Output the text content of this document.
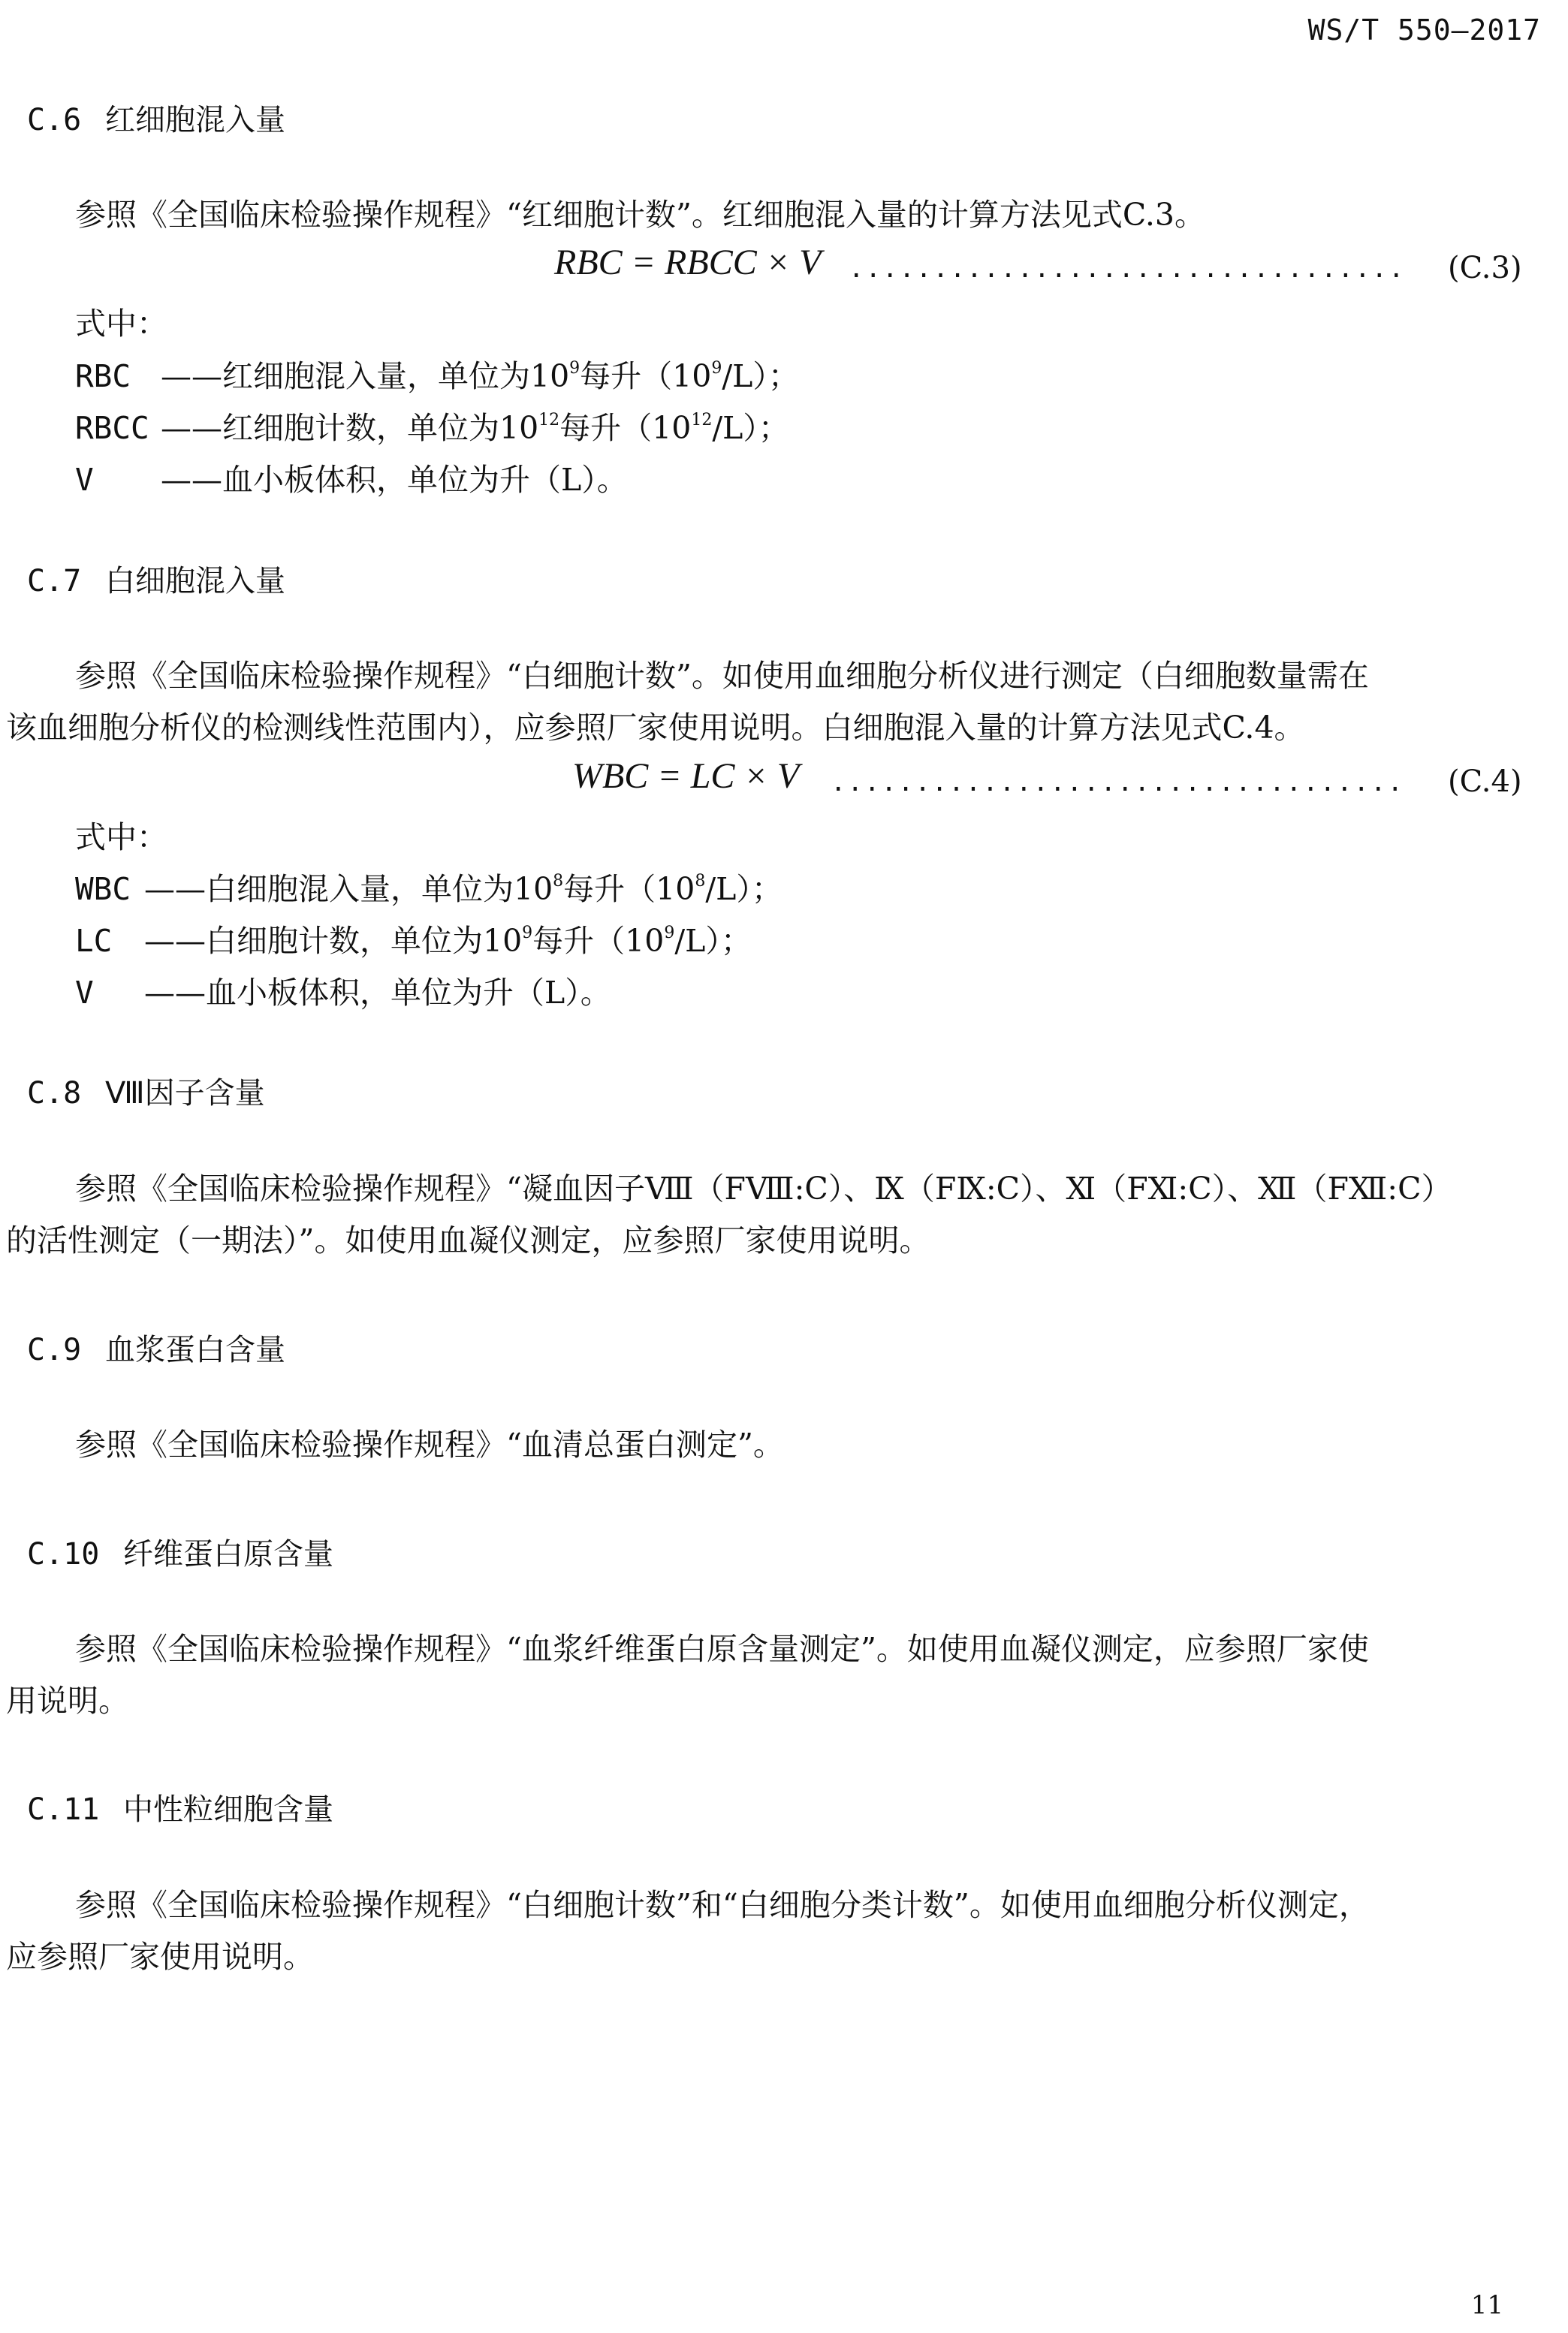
WS/T 550—2017
C.6 红细胞混入量
参照《全国临床检验操作规程》“红细胞计数”。红细胞混入量的计算方法见式C.3。
RBC = RBCC × V ................................. (C.3)
式中：
RBC ——红细胞混入量，单位为$10^9$每升$(10^9/L)$；
RBCC ——红细胞计数，单位为$10^{12}$每升$(10^{12}/L)$；
V ——血小板体积，单位为升（L）。
C.7 白细胞混入量
参照《全国临床检验操作规程》“白细胞计数”。如使用血细胞分析仪进行测定（白细胞数量需在
该血细胞分析仪的检测线性范围内），应参照厂家使用说明。白细胞混入量的计算方法见式C.4。
WBC = LC × V .................................. (C.4)
式中：
WBC ——白细胞混入量，单位为$10^8$每升$(10^8/L)$；
LC ——白细胞计数，单位为$10^9$每升$(10^9/L)$；
V ——血小板体积，单位为升（L）。
C.8 Ⅷ因子含量
参照《全国临床检验操作规程》“凝血因子Ⅷ（FⅧ:C）、Ⅸ（FⅨ:C）、Ⅺ（FⅪ:C）、Ⅻ（FⅫ:C）
的活性测定（一期法）”。如使用血凝仪测定，应参照厂家使用说明。
C.9 血浆蛋白含量
参照《全国临床检验操作规程》“血清总蛋白测定”。
C.10 纤维蛋白原含量
参照《全国临床检验操作规程》“血浆纤维蛋白原含量测定”。如使用血凝仪测定，应参照厂家使
用说明。
C.11 中性粒细胞含量
参照《全国临床检验操作规程》“白细胞计数”和“白细胞分类计数”。如使用血细胞分析仪测定，
应参照厂家使用说明。
11
